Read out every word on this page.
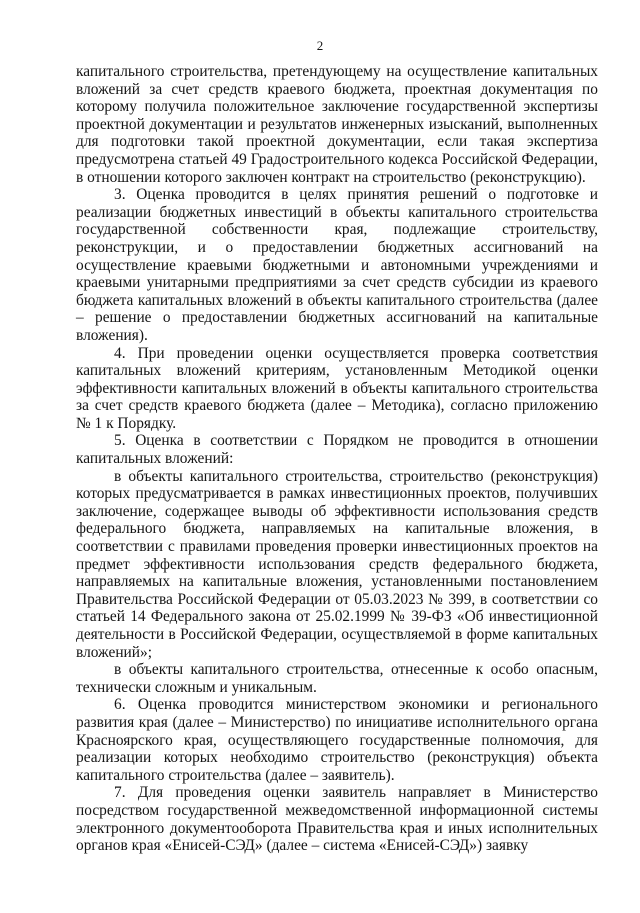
2

капитального строительства, претендующему на осуществление капитальных вложений за счет средств краевого бюджета, проектная документация по которому получила положительное заключение государственной экспертизы проектной документации и результатов инженерных изысканий, выполненных для подготовки такой проектной документации, если такая экспертиза предусмотрена статьей 49 Градостроительного кодекса Российской Федерации, в отношении которого заключен контракт на строительство (реконструкцию).

3. Оценка проводится в целях принятия решений о подготовке и реализации бюджетных инвестиций в объекты капитального строительства государственной собственности края, подлежащие строительству, реконструкции, и о предоставлении бюджетных ассигнований на осуществление краевыми бюджетными и автономными учреждениями и краевыми унитарными предприятиями за счет средств субсидии из краевого бюджета капитальных вложений в объекты капитального строительства (далее – решение о предоставлении бюджетных ассигнований на капитальные вложения).

4. При проведении оценки осуществляется проверка соответствия капитальных вложений критериям, установленным Методикой оценки эффективности капитальных вложений в объекты капитального строительства за счет средств краевого бюджета (далее – Методика), согласно приложению № 1 к Порядку.

5. Оценка в соответствии с Порядком не проводится в отношении капитальных вложений:

в объекты капитального строительства, строительство (реконструкция) которых предусматривается в рамках инвестиционных проектов, получивших заключение, содержащее выводы об эффективности использования средств федерального бюджета, направляемых на капитальные вложения, в соответствии с правилами проведения проверки инвестиционных проектов на предмет эффективности использования средств федерального бюджета, направляемых на капитальные вложения, установленными постановлением Правительства Российской Федерации от 05.03.2023 № 399, в соответствии со статьей 14 Федерального закона от 25.02.1999 № 39-ФЗ «Об инвестиционной деятельности в Российской Федерации, осуществляемой в форме капитальных вложений»;

в объекты капитального строительства, отнесенные к особо опасным, технически сложным и уникальным.

6. Оценка проводится министерством экономики и регионального развития края (далее – Министерство) по инициативе исполнительного органа Красноярского края, осуществляющего государственные полномочия, для реализации которых необходимо строительство (реконструкция) объекта капитального строительства (далее – заявитель).

7. Для проведения оценки заявитель направляет в Министерство посредством государственной межведомственной информационной системы электронного документооборота Правительства края и иных исполнительных органов края «Енисей-СЭД» (далее – система «Енисей-СЭД») заявку
